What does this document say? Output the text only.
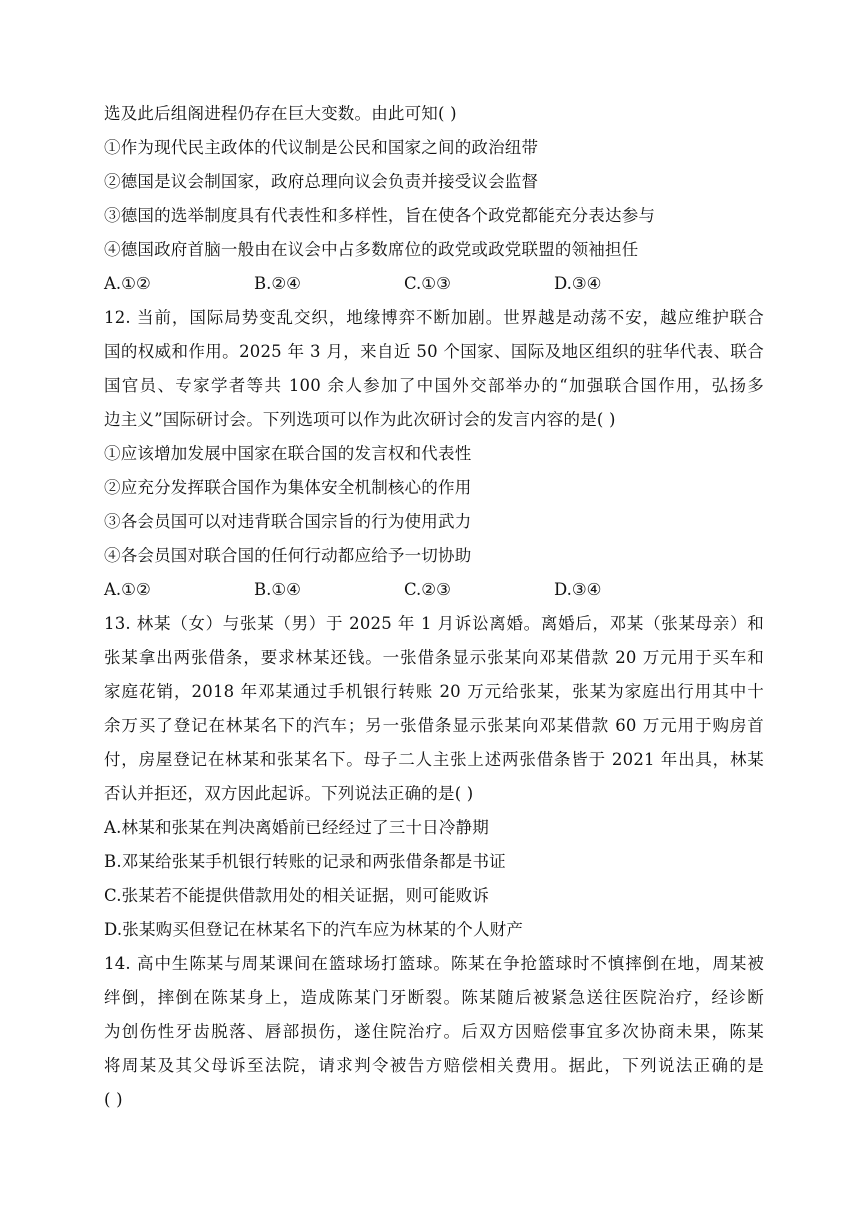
选及此后组阁进程仍存在巨大变数。由此可知( )
①作为现代民主政体的代议制是公民和国家之间的政治纽带
②德国是议会制国家，政府总理向议会负责并接受议会监督
③德国的选举制度具有代表性和多样性，旨在使各个政党都能充分表达参与
④德国政府首脑一般由在议会中占多数席位的政党或政党联盟的领袖担任
A.①②	B.②④	C.①③	D.③④
12. 当前，国际局势变乱交织，地缘博弈不断加剧。世界越是动荡不安，越应维护联合
国的权威和作用。2025 年 3 月，来自近 50 个国家、国际及地区组织的驻华代表、联合
国官员、专家学者等共 100 余人参加了中国外交部举办的“加强联合国作用，弘扬多
边主义”国际研讨会。下列选项可以作为此次研讨会的发言内容的是( )
①应该增加发展中国家在联合国的发言权和代表性
②应充分发挥联合国作为集体安全机制核心的作用
③各会员国可以对违背联合国宗旨的行为使用武力
④各会员国对联合国的任何行动都应给予一切协助
A.①②	B.①④	C.②③	D.③④
13. 林某（女）与张某（男）于 2025 年 1 月诉讼离婚。离婚后，邓某（张某母亲）和
张某拿出两张借条，要求林某还钱。一张借条显示张某向邓某借款 20 万元用于买车和
家庭花销，2018 年邓某通过手机银行转账 20 万元给张某，张某为家庭出行用其中十
余万买了登记在林某名下的汽车；另一张借条显示张某向邓某借款 60 万元用于购房首
付，房屋登记在林某和张某名下。母子二人主张上述两张借条皆于 2021 年出具，林某
否认并拒还，双方因此起诉。下列说法正确的是( )
A.林某和张某在判决离婚前已经经过了三十日冷静期
B.邓某给张某手机银行转账的记录和两张借条都是书证
C.张某若不能提供借款用处的相关证据，则可能败诉
D.张某购买但登记在林某名下的汽车应为林某的个人财产
14. 高中生陈某与周某课间在篮球场打篮球。陈某在争抢篮球时不慎摔倒在地，周某被
绊倒，摔倒在陈某身上，造成陈某门牙断裂。陈某随后被紧急送往医院治疗，经诊断
为创伤性牙齿脱落、唇部损伤，遂住院治疗。后双方因赔偿事宜多次协商未果，陈某
将周某及其父母诉至法院，请求判令被告方赔偿相关费用。据此，下列说法正确的是
( )
